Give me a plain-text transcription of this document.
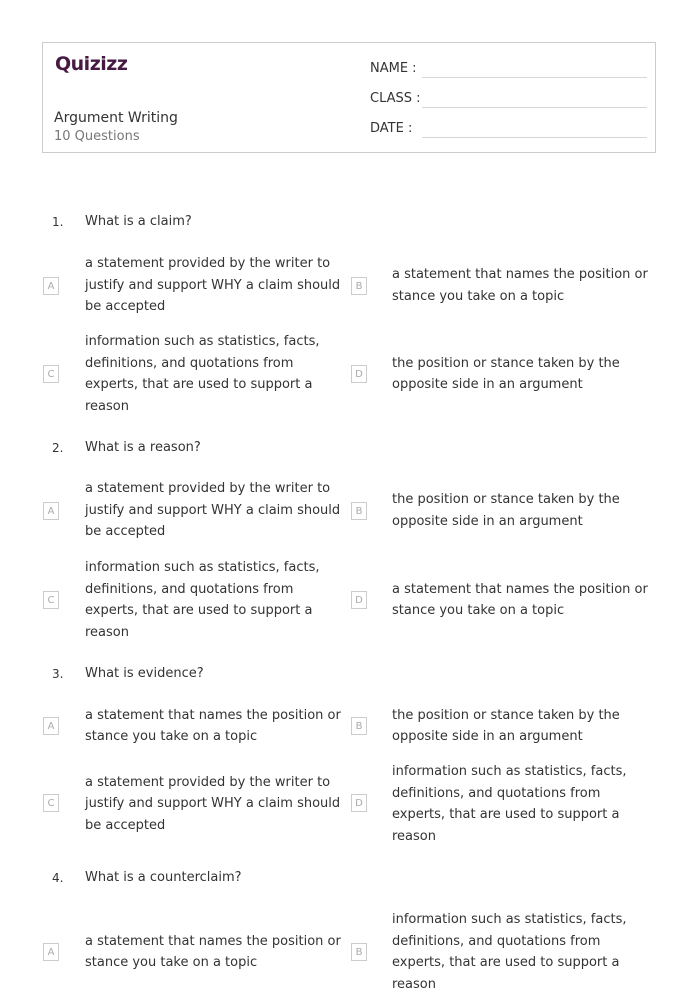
Quizizz
Argument Writing
10 Questions
NAME :
CLASS :
DATE :
1. What is a claim?
A
a statement provided by the writer to justify and support WHY a claim should be accepted
B
a statement that names the position or stance you take on a topic
C
information such as statistics, facts, definitions, and quotations from experts, that are used to support a reason
D
the position or stance taken by the opposite side in an argument
2. What is a reason?
A
a statement provided by the writer to justify and support WHY a claim should be accepted
B
the position or stance taken by the opposite side in an argument
C
information such as statistics, facts, definitions, and quotations from experts, that are used to support a reason
D
a statement that names the position or stance you take on a topic
3. What is evidence?
A
a statement that names the position or stance you take on a topic
B
the position or stance taken by the opposite side in an argument
C
a statement provided by the writer to justify and support WHY a claim should be accepted
D
information such as statistics, facts, definitions, and quotations from experts, that are used to support a reason
4. What is a counterclaim?
A
a statement that names the position or stance you take on a topic
B
information such as statistics, facts, definitions, and quotations from experts, that are used to support a reason
